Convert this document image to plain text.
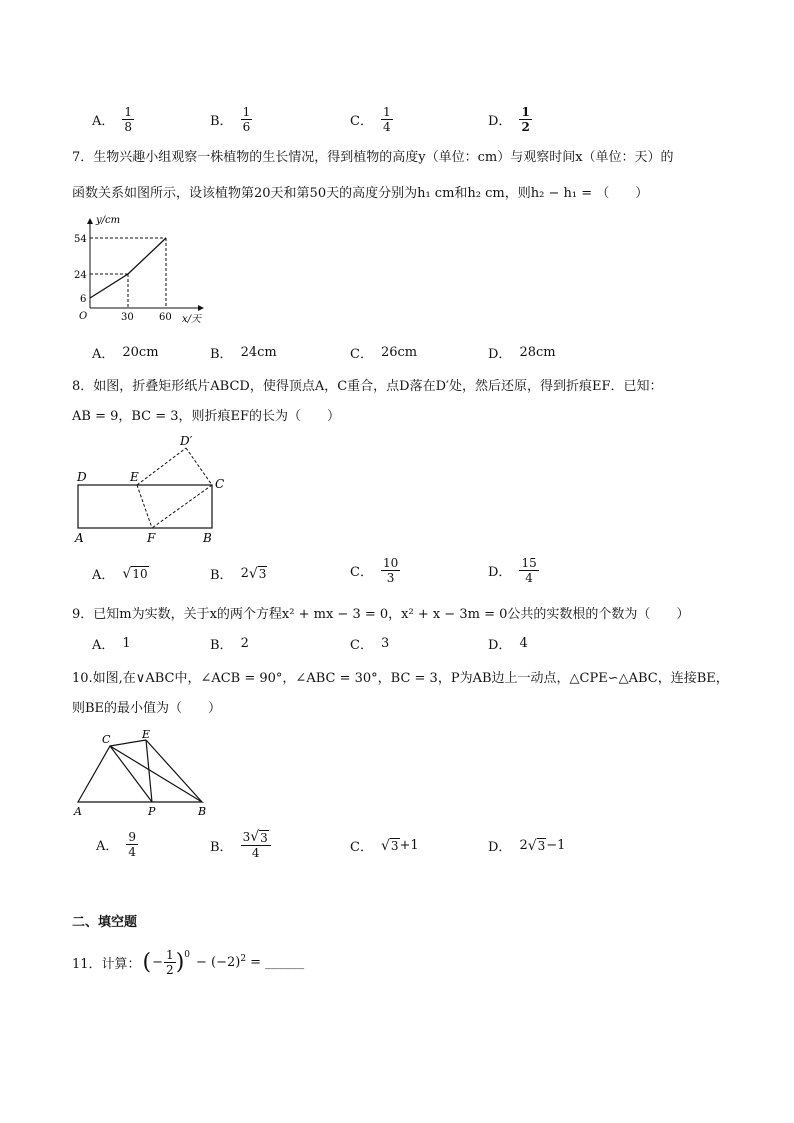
A． $\frac{1}{8}$	B． $\frac{1}{6}$	C． $\frac{1}{4}$	D． $\frac{1}{2}$
7．生物兴趣小组观察一株植物的生长情况，得到植物的高度y（单位：cm）与观察时间x（单位：天）的
函数关系如图所示，设该植物第20天和第50天的高度分别为h₁ cm和h₂ cm，则h₂ − h₁ = （　　）
y/cm
x/天
O
54
24
6
30	60
A． 20cm	B． 24cm	C． 26cm	D． 28cm
8．如图，折叠矩形纸片ABCD，使得顶点A，C重合，点D落在D′处，然后还原，得到折痕EF．已知：
AB = 9，BC = 3，则折痕EF的长为（　　）
D	E	C
A	F	B
D′
A． √ 10	B． 2 √ 3	C． $\frac{10}{3}$	D． $\frac{15}{4}$
9．已知m为实数，关于x的两个方程x² + mx − 3 = 0，x² + x − 3m = 0公共的实数根的个数为（　　）
A． 1	B． 2	C． 3	D． 4
10.如图,在∨ABC中，∠ACB = 90°，∠ABC = 30°，BC = 3，P为AB边上一动点，△CPE∽△ABC，连接BE，
则BE的最小值为（　　）
C	E
A	P	B
A． $\frac{9}{4}$	B． $\frac{3 √ 3}{4}$	C． √ 3 +1	D． 2 √ 3 −1
二、填空题
11．计算： ( − $\frac{1}{2} )^0 - (-2)^2$ = ______
